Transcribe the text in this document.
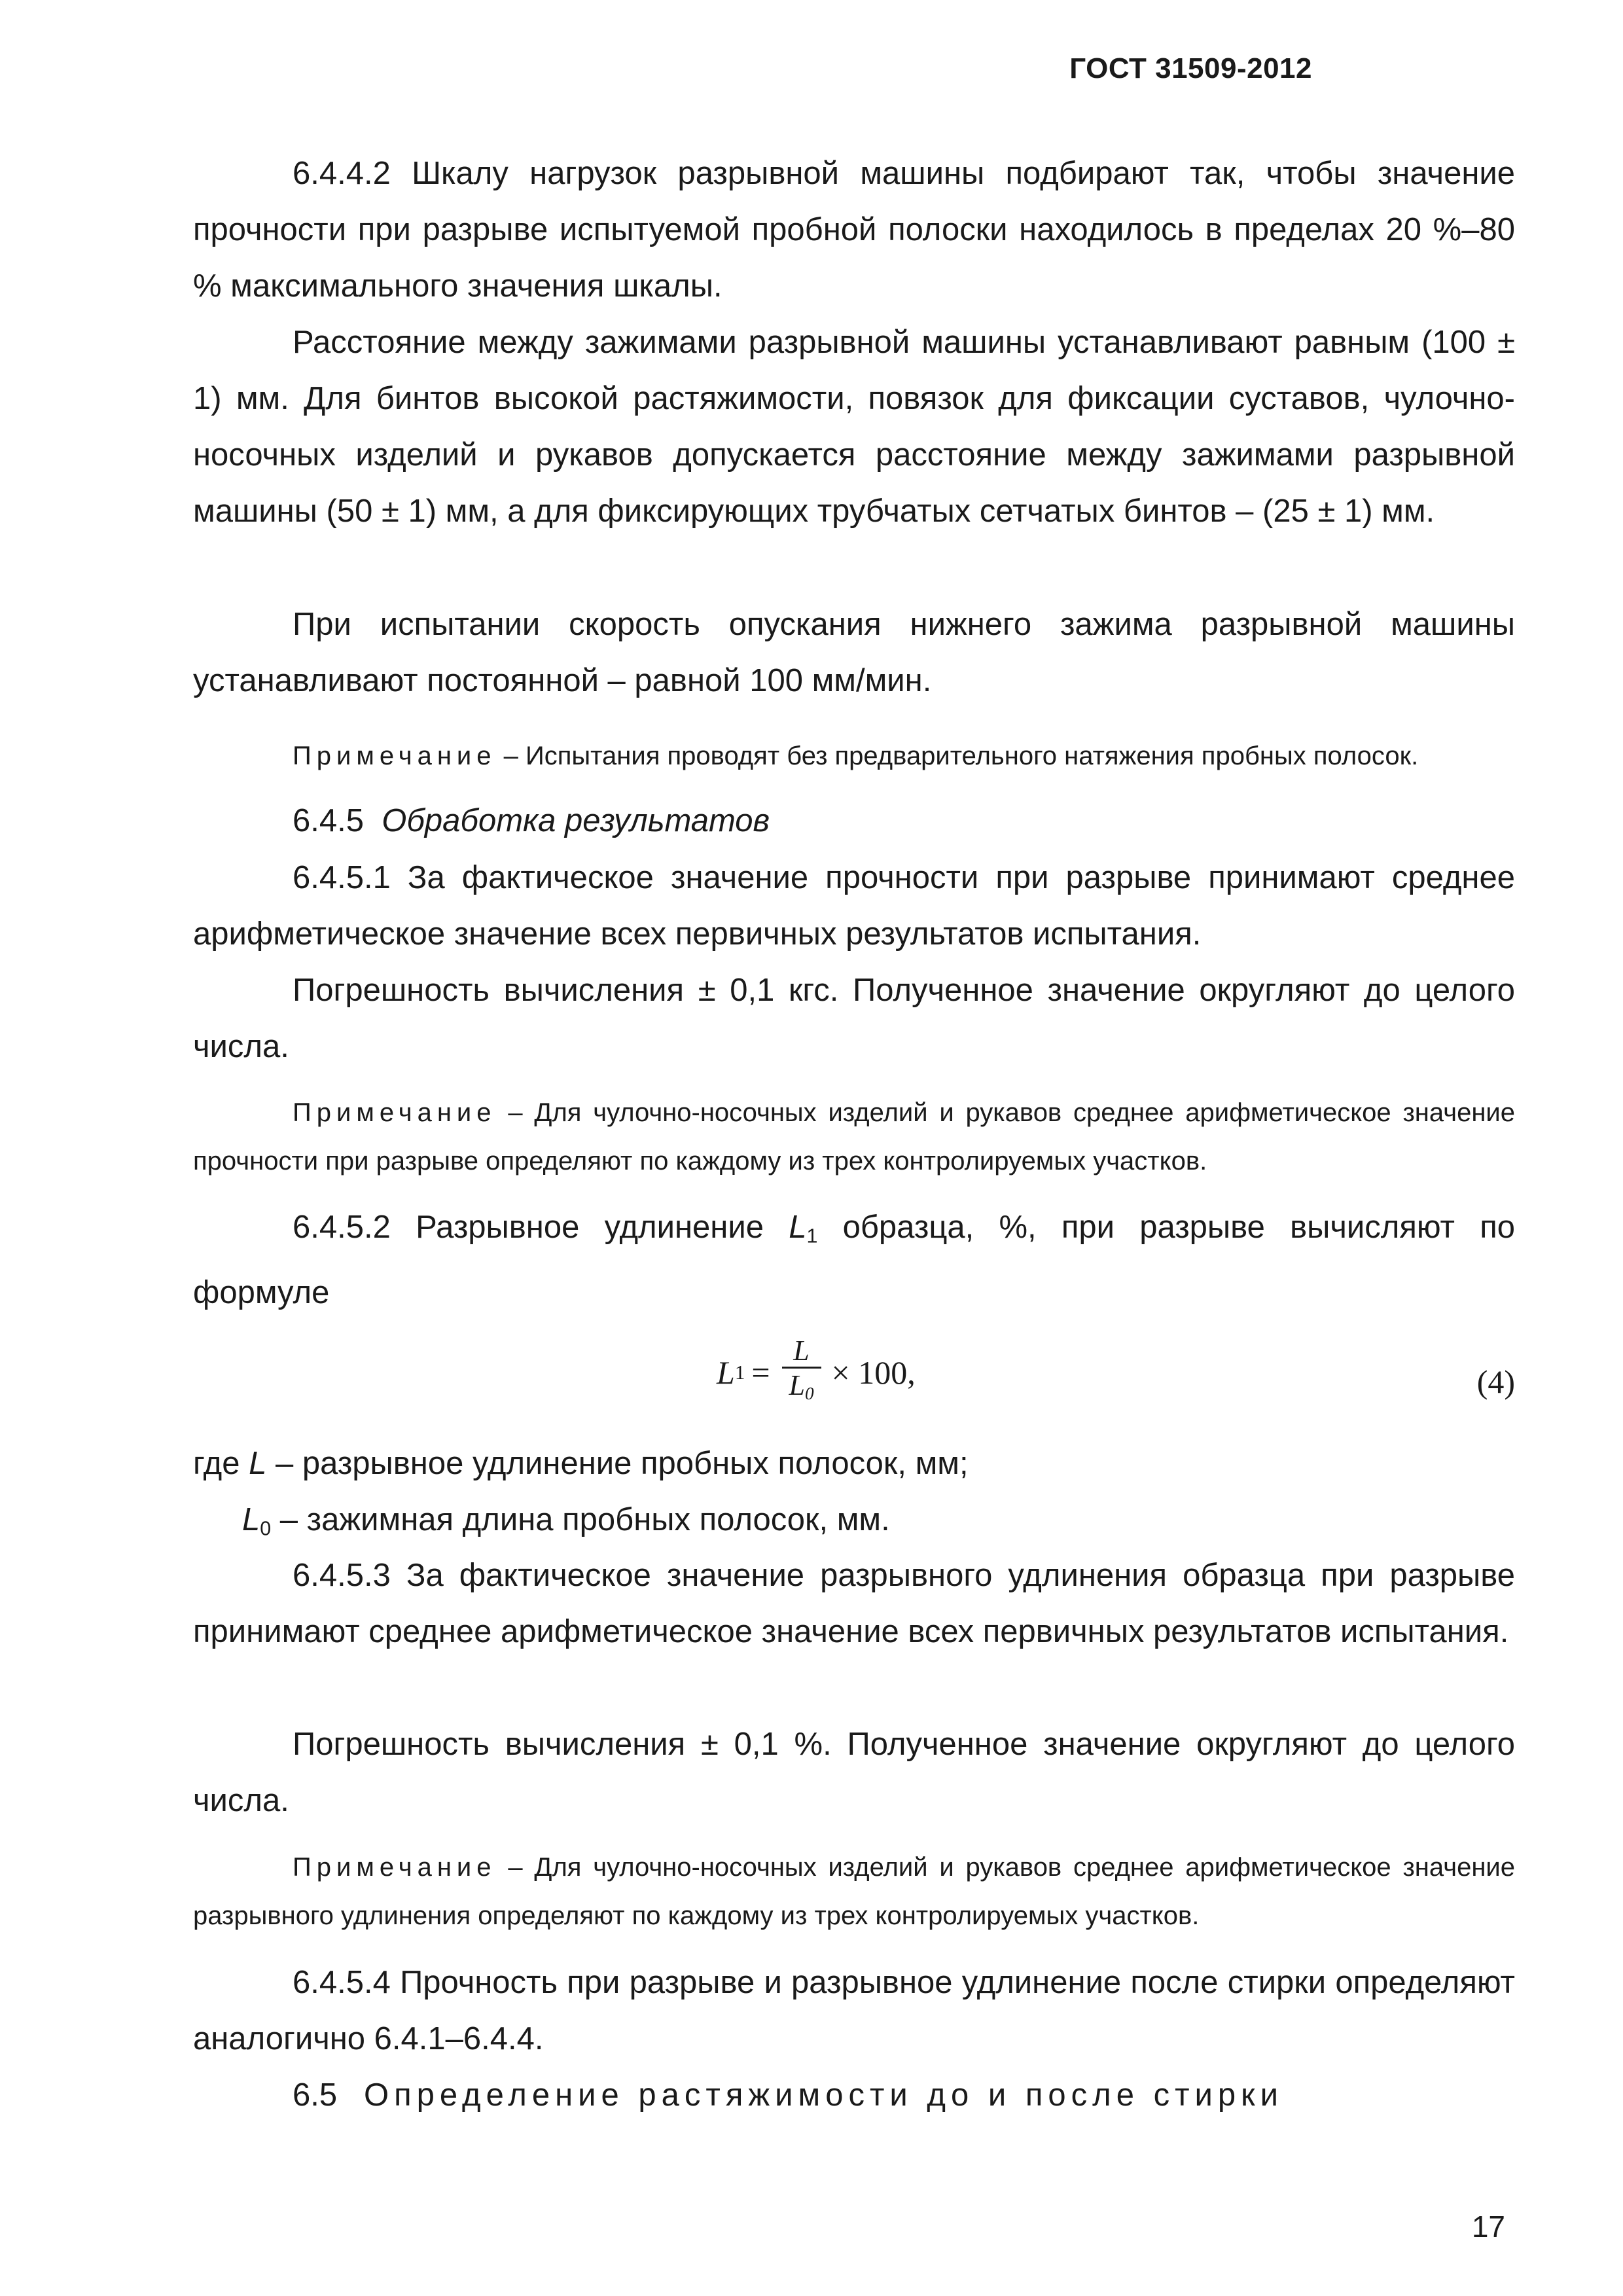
ГОСТ 31509-2012

6.4.4.2 Шкалу нагрузок разрывной машины подбирают так, чтобы значение прочности при разрыве испытуемой пробной полоски находилось в пределах 20 %–80 % максимального значения шкалы.

Расстояние между зажимами разрывной машины устанавливают равным (100 ± 1) мм. Для бинтов высокой растяжимости, повязок для фиксации суставов, чулочно-носочных изделий и рукавов допускается расстояние между зажимами разрывной машины (50 ± 1) мм, а для фиксирующих трубчатых сетчатых бинтов – (25 ± 1) мм.

При испытании скорость опускания нижнего зажима разрывной машины устанавливают постоянной – равной 100 мм/мин.

Примечание – Испытания проводят без предварительного натяжения пробных полосок.

6.4.5 Обработка результатов

6.4.5.1 За фактическое значение прочности при разрыве принимают среднее арифметическое значение всех первичных результатов испытания.

Погрешность вычисления ± 0,1 кгс. Полученное значение округляют до целого числа.

Примечание – Для чулочно-носочных изделий и рукавов среднее арифметическое значение прочности при разрыве определяют по каждому из трех контролируемых участков.

6.4.5.2 Разрывное удлинение $L_1$ образца, %, при разрыве вычисляют по формуле

L $1 = \frac{L}{L_0} \times 100$,	(4)

где L – разрывное удлинение пробных полосок, мм;

$L_0$ – зажимная длина пробных полосок, мм.

6.4.5.3 За фактическое значение разрывного удлинения образца при разрыве принимают среднее арифметическое значение всех первичных результатов испытания.

Погрешность вычисления ± 0,1 %. Полученное значение округляют до целого числа.

Примечание – Для чулочно-носочных изделий и рукавов среднее арифметическое значение разрывного удлинения определяют по каждому из трех контролируемых участков.

6.4.5.4 Прочность при разрыве и разрывное удлинение после стирки определяют аналогично 6.4.1–6.4.4.

6.5 Определение растяжимости до и после стирки

17
